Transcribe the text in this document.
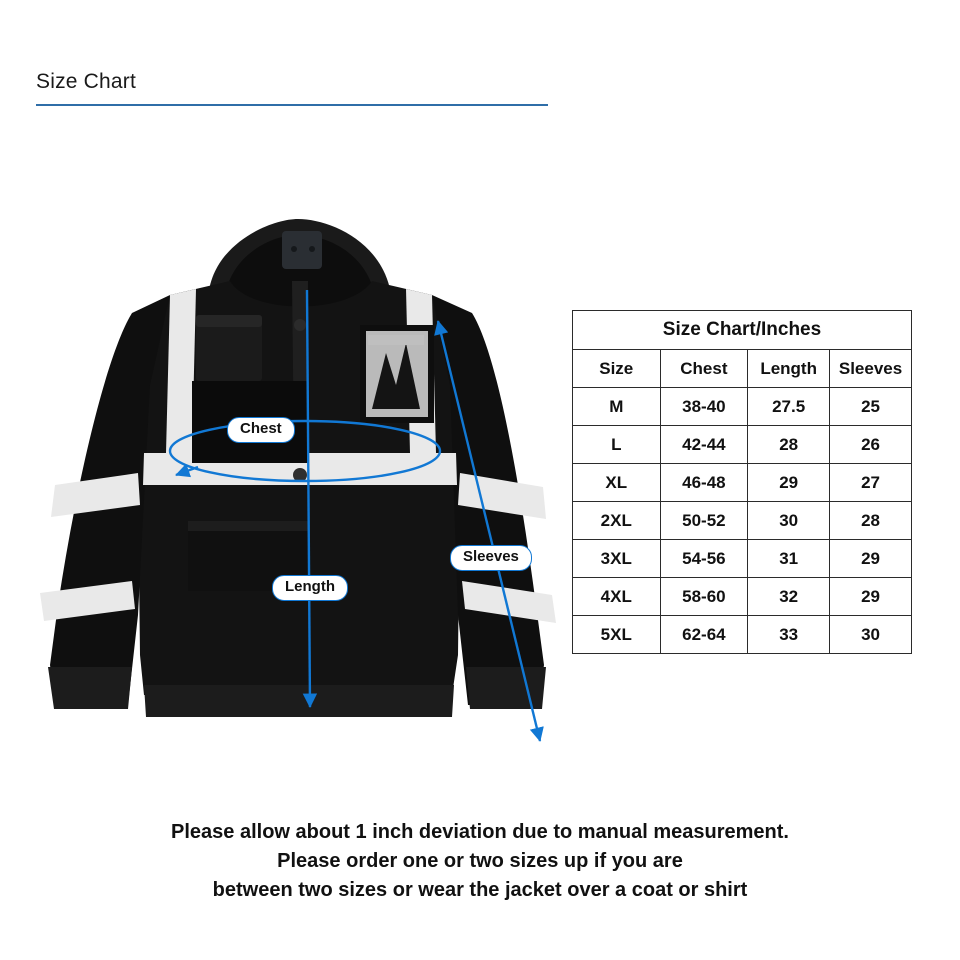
Size Chart
Chest
Length
Sleeves
Size Chart/Inches			
Size	Chest	Length	Sleeves
M	38-40	27.5	25
L	42-44	28	26
XL	46-48	29	27
2XL	50-52	30	28
3XL	54-56	31	29
4XL	58-60	32	29
5XL	62-64	33	30
Please allow about 1 inch deviation due to manual measurement.
Please order one or two sizes up if you are
between two sizes or wear the jacket over a coat or shirt
